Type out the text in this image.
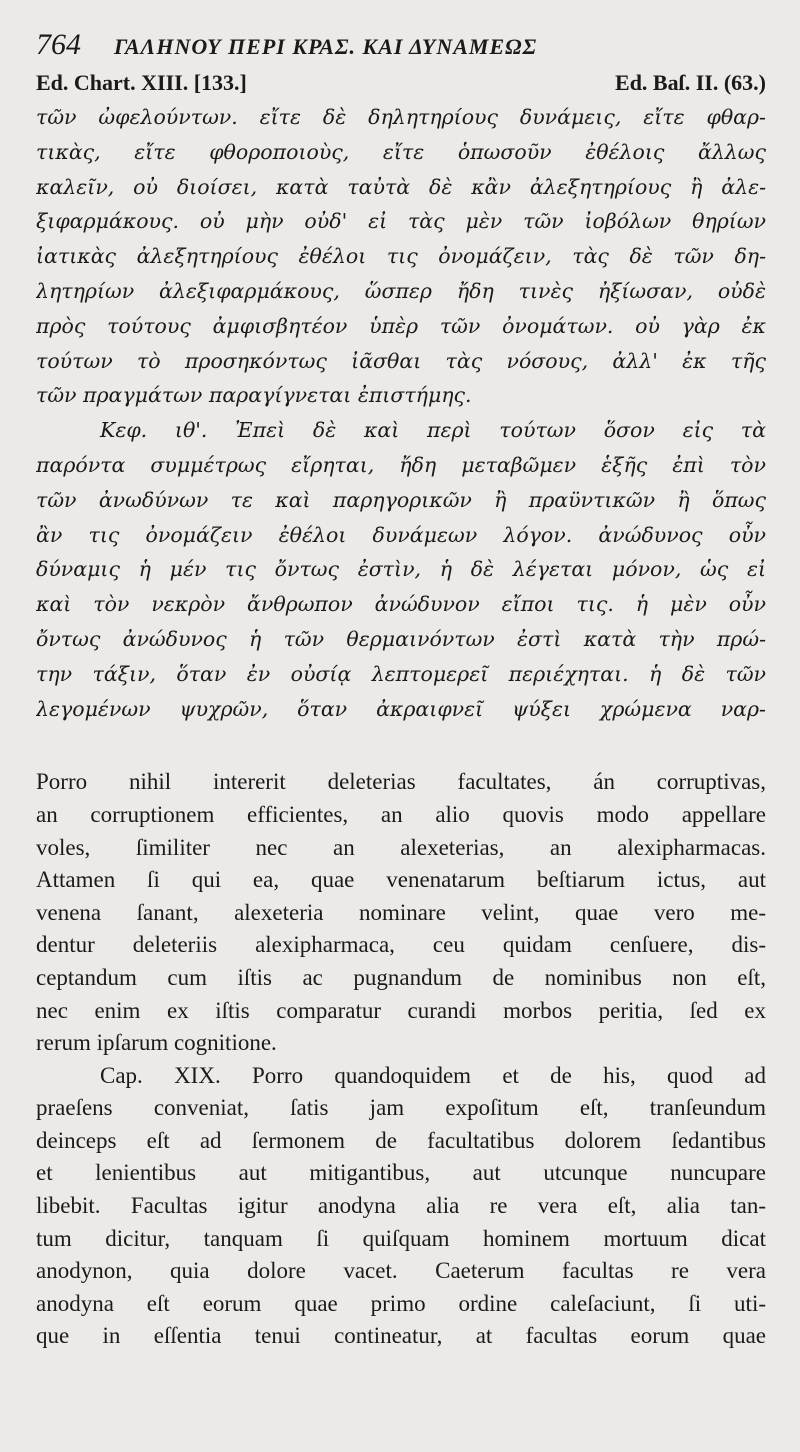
764	ΓΑΛΗΝΟΥ ΠΕΡΙ ΚΡΑΣ. ΚΑΙ ΔΥΝΑΜΕΩΣ
Ed. Chart. XIII. [133.]	Ed. Baſ. II. (63.)
τῶν ὠφελούντων. εἴτε δὲ δηλητηρίους δυνάμεις, εἴτε φθαρ-
τικὰς, εἴτε φθοροποιοὺς, εἴτε ὁπωσοῦν ἐθέλοις ἄλλως
καλεῖν, οὐ διοίσει, κατὰ ταὐτὰ δὲ κἂν ἀλεξητηρίους ἢ ἀλε-
ξιφαρμάκους. οὐ μὴν οὐδ' εἰ τὰς μὲν τῶν ἰοβόλων θηρίων
ἰατικὰς ἀλεξητηρίους ἐθέλοι τις ὀνομάζειν, τὰς δὲ τῶν δη-
λητηρίων ἀλεξιφαρμάκους, ὥσπερ ἤδη τινὲς ἠξίωσαν, οὐδὲ
πρὸς τούτους ἀμφισβητέον ὑπὲρ τῶν ὀνομάτων. οὐ γὰρ ἐκ
τούτων τὸ προσηκόντως ἰᾶσθαι τὰς νόσους, ἀλλ' ἐκ τῆς
τῶν πραγμάτων παραγίγνεται ἐπιστήμης.
Κεφ. ιθ'. Ἐπεὶ δὲ καὶ περὶ τούτων ὅσον εἰς τὰ
παρόντα συμμέτρως εἴρηται, ἤδη μεταβῶμεν ἑξῆς ἐπὶ τὸν
τῶν ἀνωδύνων τε καὶ παρηγορικῶν ἢ πραϋντικῶν ἢ ὅπως
ἂν τις ὀνομάζειν ἐθέλοι δυνάμεων λόγον. ἀνώδυνος οὖν
δύναμις ἡ μέν τις ὄντως ἐστὶν, ἡ δὲ λέγεται μόνον, ὡς εἰ
καὶ τὸν νεκρὸν ἄνθρωπον ἀνώδυνον εἴποι τις. ἡ μὲν οὖν
ὄντως ἀνώδυνος ἡ τῶν θερμαινόντων ἐστὶ κατὰ τὴν πρώ-
την τάξιν, ὅταν ἐν οὐσίᾳ λεπτομερεῖ περιέχηται. ἡ δὲ τῶν
λεγομένων ψυχρῶν, ὅταν ἀκραιφνεῖ ψύξει χρώμενα ναρ-
Porro nihil intererit deleterias facultates, án corruptivas,
an corruptionem efficientes, an alio quovis modo appellare
voles, ſimiliter nec an alexeterias, an alexipharmacas.
Attamen ſi qui ea, quae venenatarum beſtiarum ictus, aut
venena ſanant, alexeteria nominare velint, quae vero me-
dentur deleteriis alexipharmaca, ceu quidam cenſuere, dis-
ceptandum cum iſtis ac pugnandum de nominibus non eſt,
nec enim ex iſtis comparatur curandi morbos peritia, ſed ex
rerum ipſarum cognitione.
Cap. XIX. Porro quandoquidem et de his, quod ad
praeſens conveniat, ſatis jam expoſitum eſt, tranſeundum
deinceps eſt ad ſermonem de facultatibus dolorem ſedantibus
et lenientibus aut mitigantibus, aut utcunque nuncupare
libebit. Facultas igitur anodyna alia re vera eſt, alia tan-
tum dicitur, tanquam ſi quiſquam hominem mortuum dicat
anodynon, quia dolore vacet. Caeterum facultas re vera
anodyna eſt eorum quae primo ordine caleſaciunt, ſi uti-
que in eſſentia tenui contineatur, at facultas eorum quae
